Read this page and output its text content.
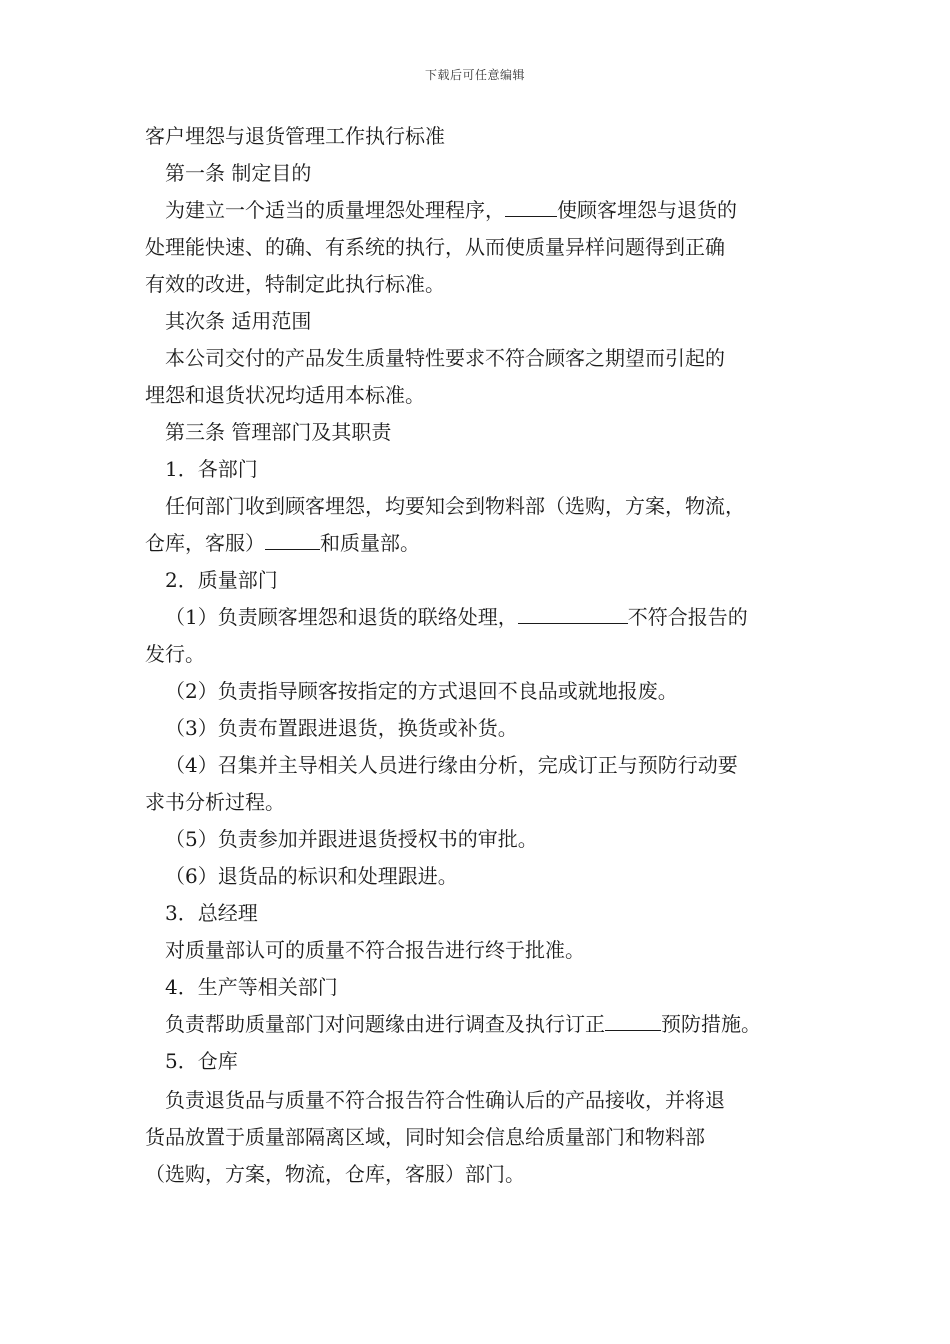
下载后可任意编辑
客户埋怨与退货管理工作执行标准
第一条 制定目的
为建立一个适当的质量埋怨处理程序，	使顾客埋怨与退货的
处理能快速、的确、有系统的执行，从而使质量异样问题得到正确
有效的改进，特制定此执行标准。
其次条 适用范围
本公司交付的产品发生质量特性要求不符合顾客之期望而引起的
埋怨和退货状况均适用本标准。
第三条 管理部门及其职责
1．各部门
任何部门收到顾客埋怨，均要知会到物料部（选购，方案，物流，
仓库，客服）	和质量部。
2．质量部门
（1）负责顾客埋怨和退货的联络处理，	不符合报告的
发行。
（2）负责指导顾客按指定的方式退回不良品或就地报废。
（3）负责布置跟进退货，换货或补货。
（4）召集并主导相关人员进行缘由分析，完成订正与预防行动要
求书分析过程。
（5）负责参加并跟进退货授权书的审批。
（6）退货品的标识和处理跟进。
3．总经理
对质量部认可的质量不符合报告进行终于批准。
4．生产等相关部门
负责帮助质量部门对问题缘由进行调查及执行订正	预防措施。
5．仓库
负责退货品与质量不符合报告符合性确认后的产品接收，并将退
货品放置于质量部隔离区域，同时知会信息给质量部门和物料部
（选购，方案，物流，仓库，客服）部门。
